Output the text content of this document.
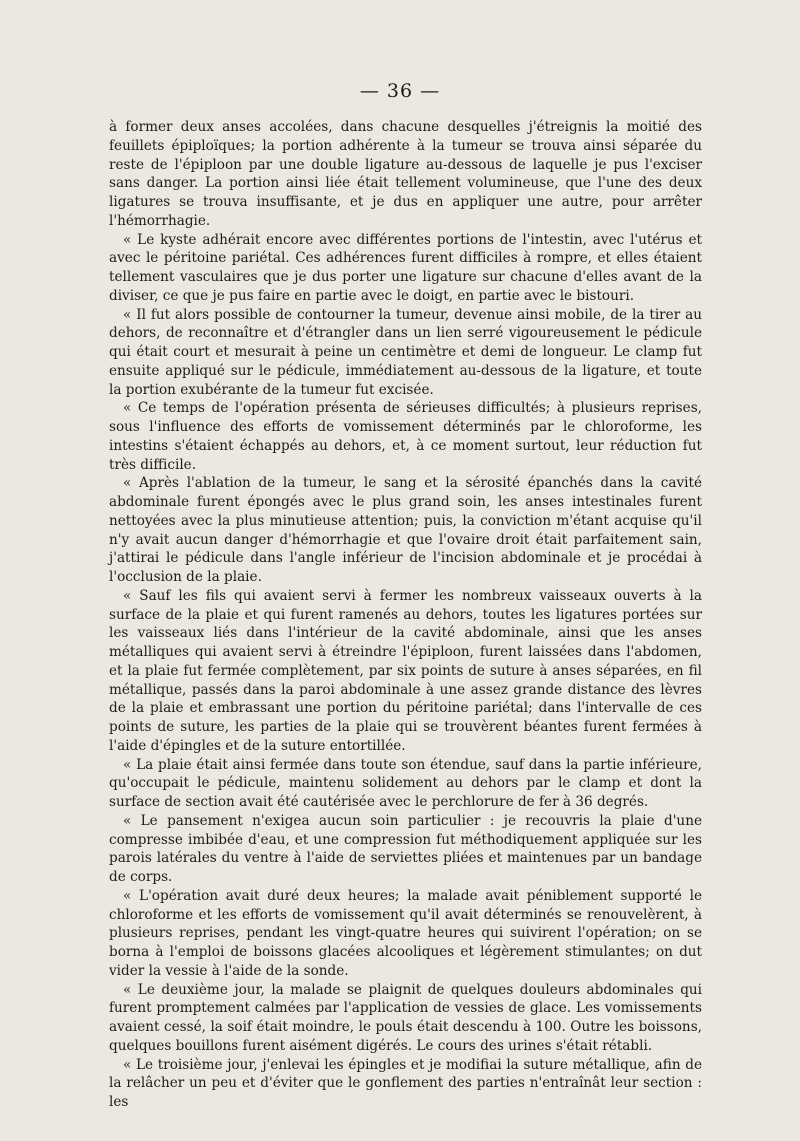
— 36 —

à former deux anses accolées, dans chacune desquelles j'étreignis la moitié des feuillets épiploïques; la portion adhérente à la tumeur se trouva ainsi séparée du reste de l'épiploon par une double ligature au-dessous de laquelle je pus l'exciser sans danger. La portion ainsi liée était tellement volumineuse, que l'une des deux ligatures se trouva insuffisante, et je dus en appliquer une autre, pour arrêter l'hémorrhagie.

« Le kyste adhérait encore avec différentes portions de l'intestin, avec l'utérus et avec le péritoine pariétal. Ces adhérences furent difficiles à rompre, et elles étaient tellement vasculaires que je dus porter une ligature sur chacune d'elles avant de la diviser, ce que je pus faire en partie avec le doigt, en partie avec le bistouri.

« Il fut alors possible de contourner la tumeur, devenue ainsi mobile, de la tirer au dehors, de reconnaître et d'étrangler dans un lien serré vigoureusement le pédicule qui était court et mesurait à peine un centimètre et demi de longueur. Le clamp fut ensuite appliqué sur le pédicule, immédiatement au-dessous de la ligature, et toute la portion exubérante de la tumeur fut excisée.

« Ce temps de l'opération présenta de sérieuses difficultés; à plusieurs reprises, sous l'influence des efforts de vomissement déterminés par le chloroforme, les intestins s'étaient échappés au dehors, et, à ce moment surtout, leur réduction fut très difficile.

« Après l'ablation de la tumeur, le sang et la sérosité épanchés dans la cavité abdominale furent épongés avec le plus grand soin, les anses intestinales furent nettoyées avec la plus minutieuse attention; puis, la conviction m'étant acquise qu'il n'y avait aucun danger d'hémorrhagie et que l'ovaire droit était parfaitement sain, j'attirai le pédicule dans l'angle inférieur de l'incision abdominale et je procédai à l'occlusion de la plaie.

« Sauf les fils qui avaient servi à fermer les nombreux vaisseaux ouverts à la surface de la plaie et qui furent ramenés au dehors, toutes les ligatures portées sur les vaisseaux liés dans l'intérieur de la cavité abdominale, ainsi que les anses métalliques qui avaient servi à étreindre l'épiploon, furent laissées dans l'abdomen, et la plaie fut fermée complètement, par six points de suture à anses séparées, en fil métallique, passés dans la paroi abdominale à une assez grande distance des lèvres de la plaie et embrassant une portion du péritoine pariétal; dans l'intervalle de ces points de suture, les parties de la plaie qui se trouvèrent béantes furent fermées à l'aide d'épingles et de la suture entortillée.

« La plaie était ainsi fermée dans toute son étendue, sauf dans la partie inférieure, qu'occupait le pédicule, maintenu solidement au dehors par le clamp et dont la surface de section avait été cautérisée avec le perchlorure de fer à 36 degrés.

« Le pansement n'exigea aucun soin particulier : je recouvris la plaie d'une compresse imbibée d'eau, et une compression fut méthodiquement appliquée sur les parois latérales du ventre à l'aide de serviettes pliées et maintenues par un bandage de corps.

« L'opération avait duré deux heures; la malade avait péniblement supporté le chloroforme et les efforts de vomissement qu'il avait déterminés se renouvelèrent, à plusieurs reprises, pendant les vingt-quatre heures qui suivirent l'opération; on se borna à l'emploi de boissons glacées alcooliques et légèrement stimulantes; on dut vider la vessie à l'aide de la sonde.

« Le deuxième jour, la malade se plaignit de quelques douleurs abdominales qui furent promptement calmées par l'application de vessies de glace. Les vomissements avaient cessé, la soif était moindre, le pouls était descendu à 100. Outre les boissons, quelques bouillons furent aisément digérés. Le cours des urines s'était rétabli.

« Le troisième jour, j'enlevai les épingles et je modifiai la suture métallique, afin de la relâcher un peu et d'éviter que le gonflement des parties n'entraînât leur section : les
